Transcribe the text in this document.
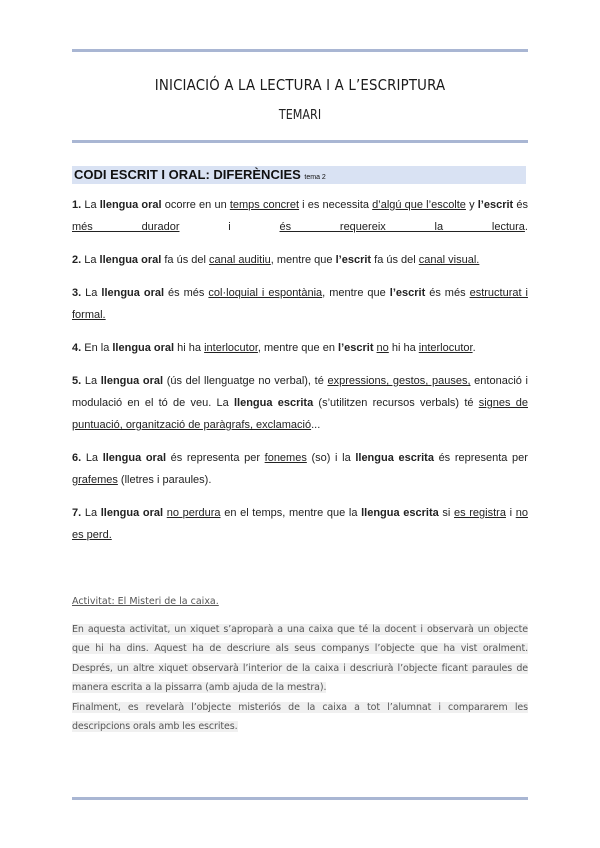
INICIACIÓ A LA LECTURA I A L’ESCRIPTURA
TEMARI
CODI ESCRIT I ORAL: DIFERÈNCIES tema 2
1. La llengua oral ocorre en un temps concret i es necessita d’algú que l’escolte y l’escrit és més durador i és requereix la lectura.
2. La llengua oral fa ús del canal auditiu, mentre que l’escrit fa ús del canal visual.
3. La llengua oral és més col·loquial i espontània, mentre que l’escrit és més estructurat i formal.
4. En la llengua oral hi ha interlocutor, mentre que en l’escrit no hi ha interlocutor.
5. La llengua oral (ús del llenguatge no verbal), té expressions, gestos, pauses, entonació i modulació en el tó de veu. La llengua escrita (s’utilitzen recursos verbals) té signes de puntuació, organització de paràgrafs, exclamació...
6. La llengua oral és representa per fonemes (so) i la llengua escrita és representa per grafemes (lletres i paraules).
7. La llengua oral no perdura en el temps, mentre que la llengua escrita si es registra i no es perd.
Activitat: El Misteri de la caixa.
En aquesta activitat, un xiquet s’aproparà a una caixa que té la docent i observarà un objecte que hi ha dins. Aquest ha de descriure als seus companys l’objecte que ha vist oralment. Després, un altre xiquet observarà l’interior de la caixa i descriurà l’objecte ficant paraules de manera escrita a la pissarra (amb ajuda de la mestra).
Finalment, es revelarà l’objecte misteriós de la caixa a tot l’alumnat i compararem les descripcions orals amb les escrites.
